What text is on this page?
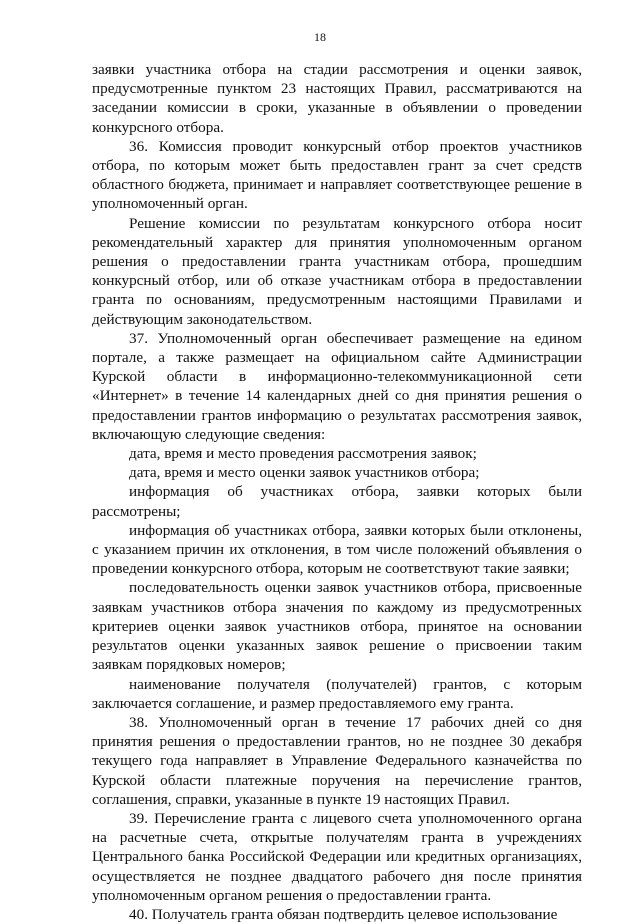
18

заявки участника отбора на стадии рассмотрения и оценки заявок, предусмотренные пунктом 23 настоящих Правил, рассматриваются на заседании комиссии в сроки, указанные в объявлении о проведении конкурсного отбора.

36. Комиссия проводит конкурсный отбор проектов участников отбора, по которым может быть предоставлен грант за счет средств областного бюджета, принимает и направляет соответствующее решение в уполномоченный орган.

Решение комиссии по результатам конкурсного отбора носит рекомендательный характер для принятия уполномоченным органом решения о предоставлении гранта участникам отбора, прошедшим конкурсный отбор, или об отказе участникам отбора в предоставлении гранта по основаниям, предусмотренным настоящими Правилами и действующим законодательством.

37. Уполномоченный орган обеспечивает размещение на едином портале, а также размещает на официальном сайте Администрации Курской области в информационно-телекоммуникационной сети «Интернет» в течение 14 календарных дней со дня принятия решения о предоставлении грантов информацию о результатах рассмотрения заявок, включающую следующие сведения:

дата, время и место проведения рассмотрения заявок;

дата, время и место оценки заявок участников отбора;

информация об участниках отбора, заявки которых были рассмотрены;

информация об участниках отбора, заявки которых были отклонены, с указанием причин их отклонения, в том числе положений объявления о проведении конкурсного отбора, которым не соответствуют такие заявки;

последовательность оценки заявок участников отбора, присвоенные заявкам участников отбора значения по каждому из предусмотренных критериев оценки заявок участников отбора, принятое на основании результатов оценки указанных заявок решение о присвоении таким заявкам порядковых номеров;

наименование получателя (получателей) грантов, с которым заключается соглашение, и размер предоставляемого ему гранта.

38. Уполномоченный орган в течение 17 рабочих дней со дня принятия решения о предоставлении грантов, но не позднее 30 декабря текущего года направляет в Управление Федерального казначейства по Курской области платежные поручения на перечисление грантов, соглашения, справки, указанные в пункте 19 настоящих Правил.

39. Перечисление гранта с лицевого счета уполномоченного органа на расчетные счета, открытые получателям гранта в учреждениях Центрального банка Российской Федерации или кредитных организациях, осуществляется не позднее двадцатого рабочего дня после принятия уполномоченным органом решения о предоставлении гранта.

40. Получатель гранта обязан подтвердить целевое использование
